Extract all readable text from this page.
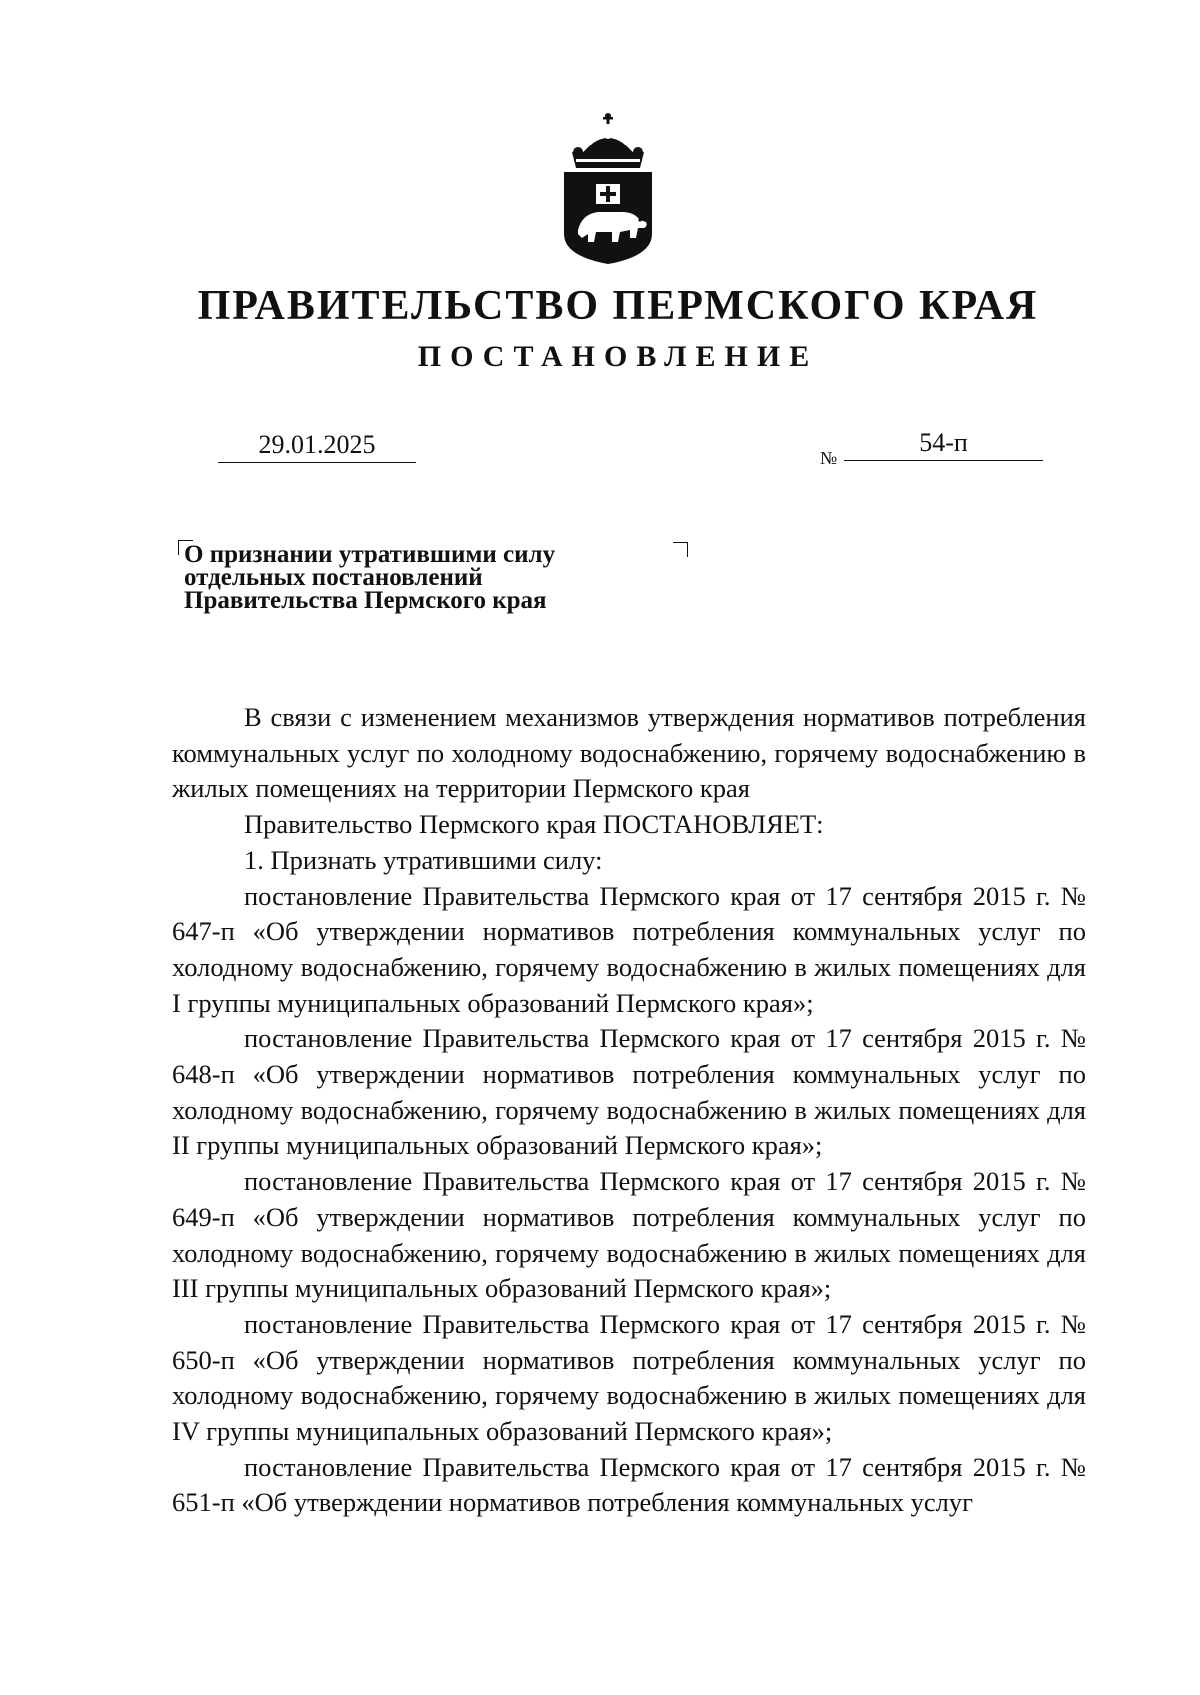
ПРАВИТЕЛЬСТВО ПЕРМСКОГО КРАЯ
ПОСТАНОВЛЕНИЕ
29.01.2025	№
54-п
О признании утратившими силу
отдельных постановлений
Правительства Пермского края

В связи с изменением механизмов утверждения нормативов потребления коммунальных услуг по холодному водоснабжению, горячему водоснабжению в жилых помещениях на территории Пермского края

Правительство Пермского края ПОСТАНОВЛЯЕТ:

1. Признать утратившими силу:

постановление Правительства Пермского края от 17 сентября 2015 г. № 647-п «Об утверждении нормативов потребления коммунальных услуг по холодному водоснабжению, горячему водоснабжению в жилых помещениях для I группы муниципальных образований Пермского края»;

постановление Правительства Пермского края от 17 сентября 2015 г. № 648-п «Об утверждении нормативов потребления коммунальных услуг по холодному водоснабжению, горячему водоснабжению в жилых помещениях для II группы муниципальных образований Пермского края»;

постановление Правительства Пермского края от 17 сентября 2015 г. № 649-п «Об утверждении нормативов потребления коммунальных услуг по холодному водоснабжению, горячему водоснабжению в жилых помещениях для III группы муниципальных образований Пермского края»;

постановление Правительства Пермского края от 17 сентября 2015 г. № 650-п «Об утверждении нормативов потребления коммунальных услуг по холодному водоснабжению, горячему водоснабжению в жилых помещениях для IV группы муниципальных образований Пермского края»;

постановление Правительства Пермского края от 17 сентября 2015 г. № 651-п «Об утверждении нормативов потребления коммунальных услуг
